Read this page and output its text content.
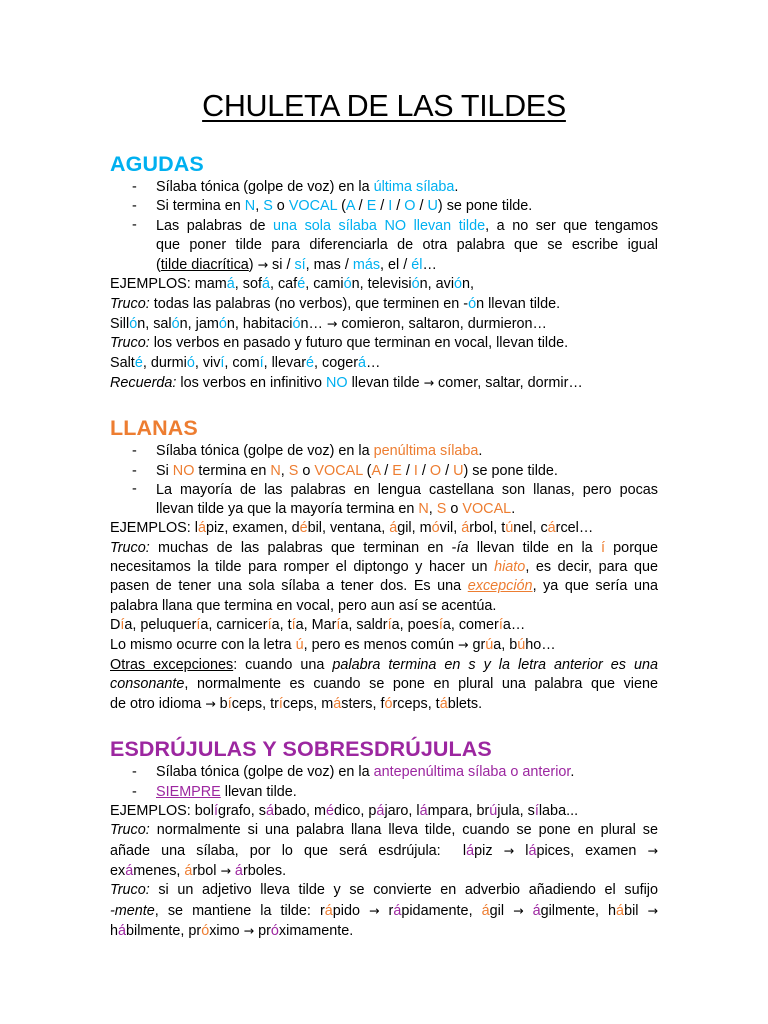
CHULETA DE LAS TILDES
AGUDAS
- Sílaba tónica (golpe de voz) en la última sílaba.
- Si termina en N, S o VOCAL (A / E / I / O / U) se pone tilde.
- Las palabras de una sola sílaba NO llevan tilde, a no ser que tengamos
que poner tilde para diferenciarla de otra palabra que se escribe igual
(tilde diacrítica) → si / sí, mas / más, el / él…
EJEMPLOS: mamá, sofá, café, camión, televisión, avión,
Truco: todas las palabras (no verbos), que terminen en -ón llevan tilde.
Sillón, salón, jamón, habitación… → comieron, saltaron, durmieron…
Truco: los verbos en pasado y futuro que terminan en vocal, llevan tilde.
Salté, durmió, viví, comí, llevaré, cogerá…
Recuerda: los verbos en infinitivo NO llevan tilde → comer, saltar, dormir…
LLANAS
- Sílaba tónica (golpe de voz) en la penúltima sílaba.
- Si NO termina en N, S o VOCAL (A / E / I / O / U) se pone tilde.
- La mayoría de las palabras en lengua castellana son llanas, pero pocas
llevan tilde ya que la mayoría termina en N, S o VOCAL.
EJEMPLOS: lápiz, examen, débil, ventana, ágil, móvil, árbol, túnel, cárcel…
Truco: muchas de las palabras que terminan en -ía llevan tilde en la í porque
necesitamos la tilde para romper el diptongo y hacer un hiato, es decir, para que
pasen de tener una sola sílaba a tener dos. Es una excepción, ya que sería una
palabra llana que termina en vocal, pero aun así se acentúa.
Día, peluquería, carnicería, tía, María, saldría, poesía, comería…
Lo mismo ocurre con la letra ú, pero es menos común → grúa, búho…
Otras excepciones: cuando una palabra termina en s y la letra anterior es una
consonante, normalmente es cuando se pone en plural una palabra que viene
de otro idioma → bíceps, tríceps, másters, fórceps, táblets.
ESDRÚJULAS Y SOBRESDRÚJULAS
- Sílaba tónica (golpe de voz) en la antepenúltima sílaba o anterior.
- SIEMPRE llevan tilde.
EJEMPLOS: bolígrafo, sábado, médico, pájaro, lámpara, brújula, sílaba...
Truco: normalmente si una palabra llana lleva tilde, cuando se pone en plural se
añade una sílaba, por lo que será esdrújula:  lápiz → lápices, examen →
exámenes, árbol → árboles.
Truco: si un adjetivo lleva tilde y se convierte en adverbio añadiendo el sufijo
-mente, se mantiene la tilde: rápido → rápidamente, ágil → ágilmente, hábil →
hábilmente, próximo → próximamente.
